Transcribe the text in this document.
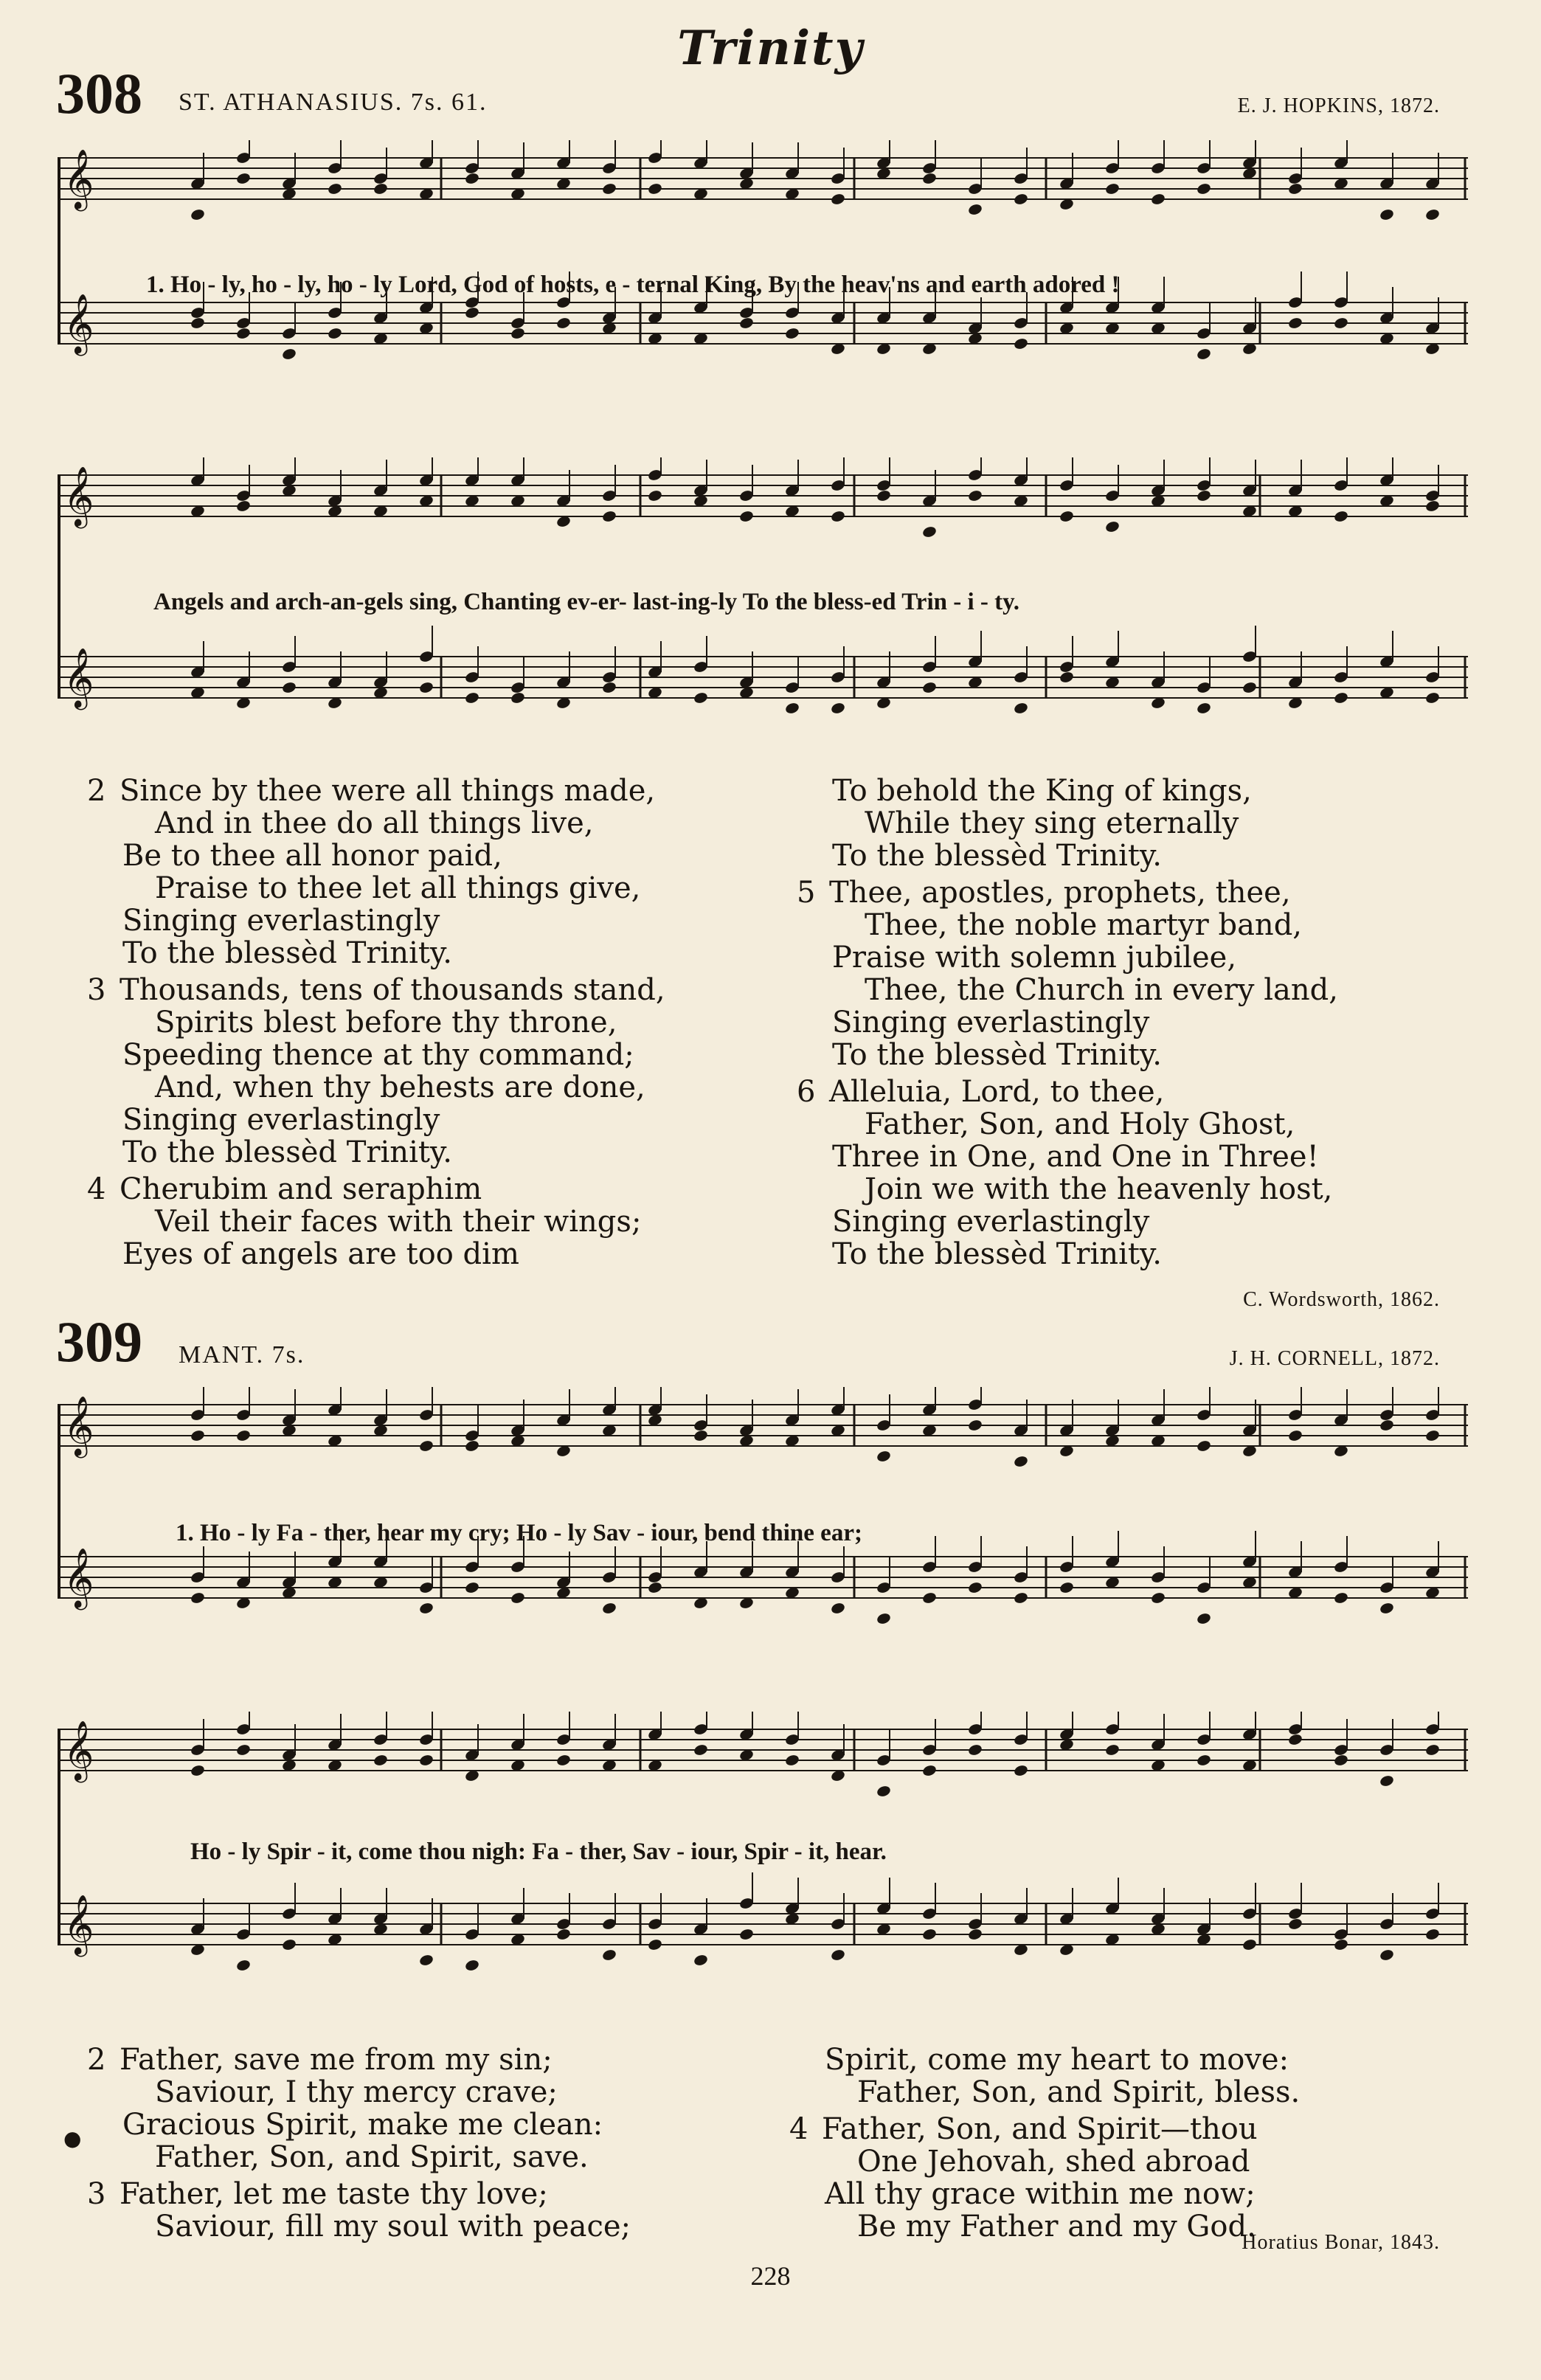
Trinity
308 ST. ATHANASIUS. 7s. 61.	E. J. HOPKINS, 1872.
𝄞
𝄞
1. Ho - ly, ho - ly, ho - ly Lord, God of hosts, e - ternal King, By the heav'ns and earth adored !
𝄞
𝄞
Angels and arch-an-gels sing, Chanting ev-er- last-ing-ly To the bless-ed Trin - i - ty.
2 Since by thee were all things made,
And in thee do all things live,
Be to thee all honor paid,
Praise to thee let all things give,
Singing everlastingly
To the blessèd Trinity.
3 Thousands, tens of thousands stand,
Spirits blest before thy throne,
Speeding thence at thy command;
And, when thy behests are done,
Singing everlastingly
To the blessèd Trinity.
4 Cherubim and seraphim
Veil their faces with their wings;
Eyes of angels are too dim
To behold the King of kings,
While they sing eternally
To the blessèd Trinity.
5 Thee, apostles, prophets, thee,
Thee, the noble martyr band,
Praise with solemn jubilee,
Thee, the Church in every land,
Singing everlastingly
To the blessèd Trinity.
6 Alleluia, Lord, to thee,
Father, Son, and Holy Ghost,
Three in One, and One in Three!
Join we with the heavenly host,
Singing everlastingly
To the blessèd Trinity.
C. Wordsworth, 1862.
309 MANT. 7s.	J. H. CORNELL, 1872.
𝄞
𝄞
1. Ho - ly Fa - ther, hear my cry; Ho - ly Sav - iour, bend thine ear;
𝄞
𝄞
Ho - ly Spir - it, come thou nigh: Fa - ther, Sav - iour, Spir - it, hear.
●
2 Father, save me from my sin;
Saviour, I thy mercy crave;
Gracious Spirit, make me clean:
Father, Son, and Spirit, save.
3 Father, let me taste thy love;
Saviour, fill my soul with peace;
Spirit, come my heart to move:
Father, Son, and Spirit, bless.
4 Father, Son, and Spirit—thou
One Jehovah, shed abroad
All thy grace within me now;
Be my Father and my God.
Horatius Bonar, 1843.
228
